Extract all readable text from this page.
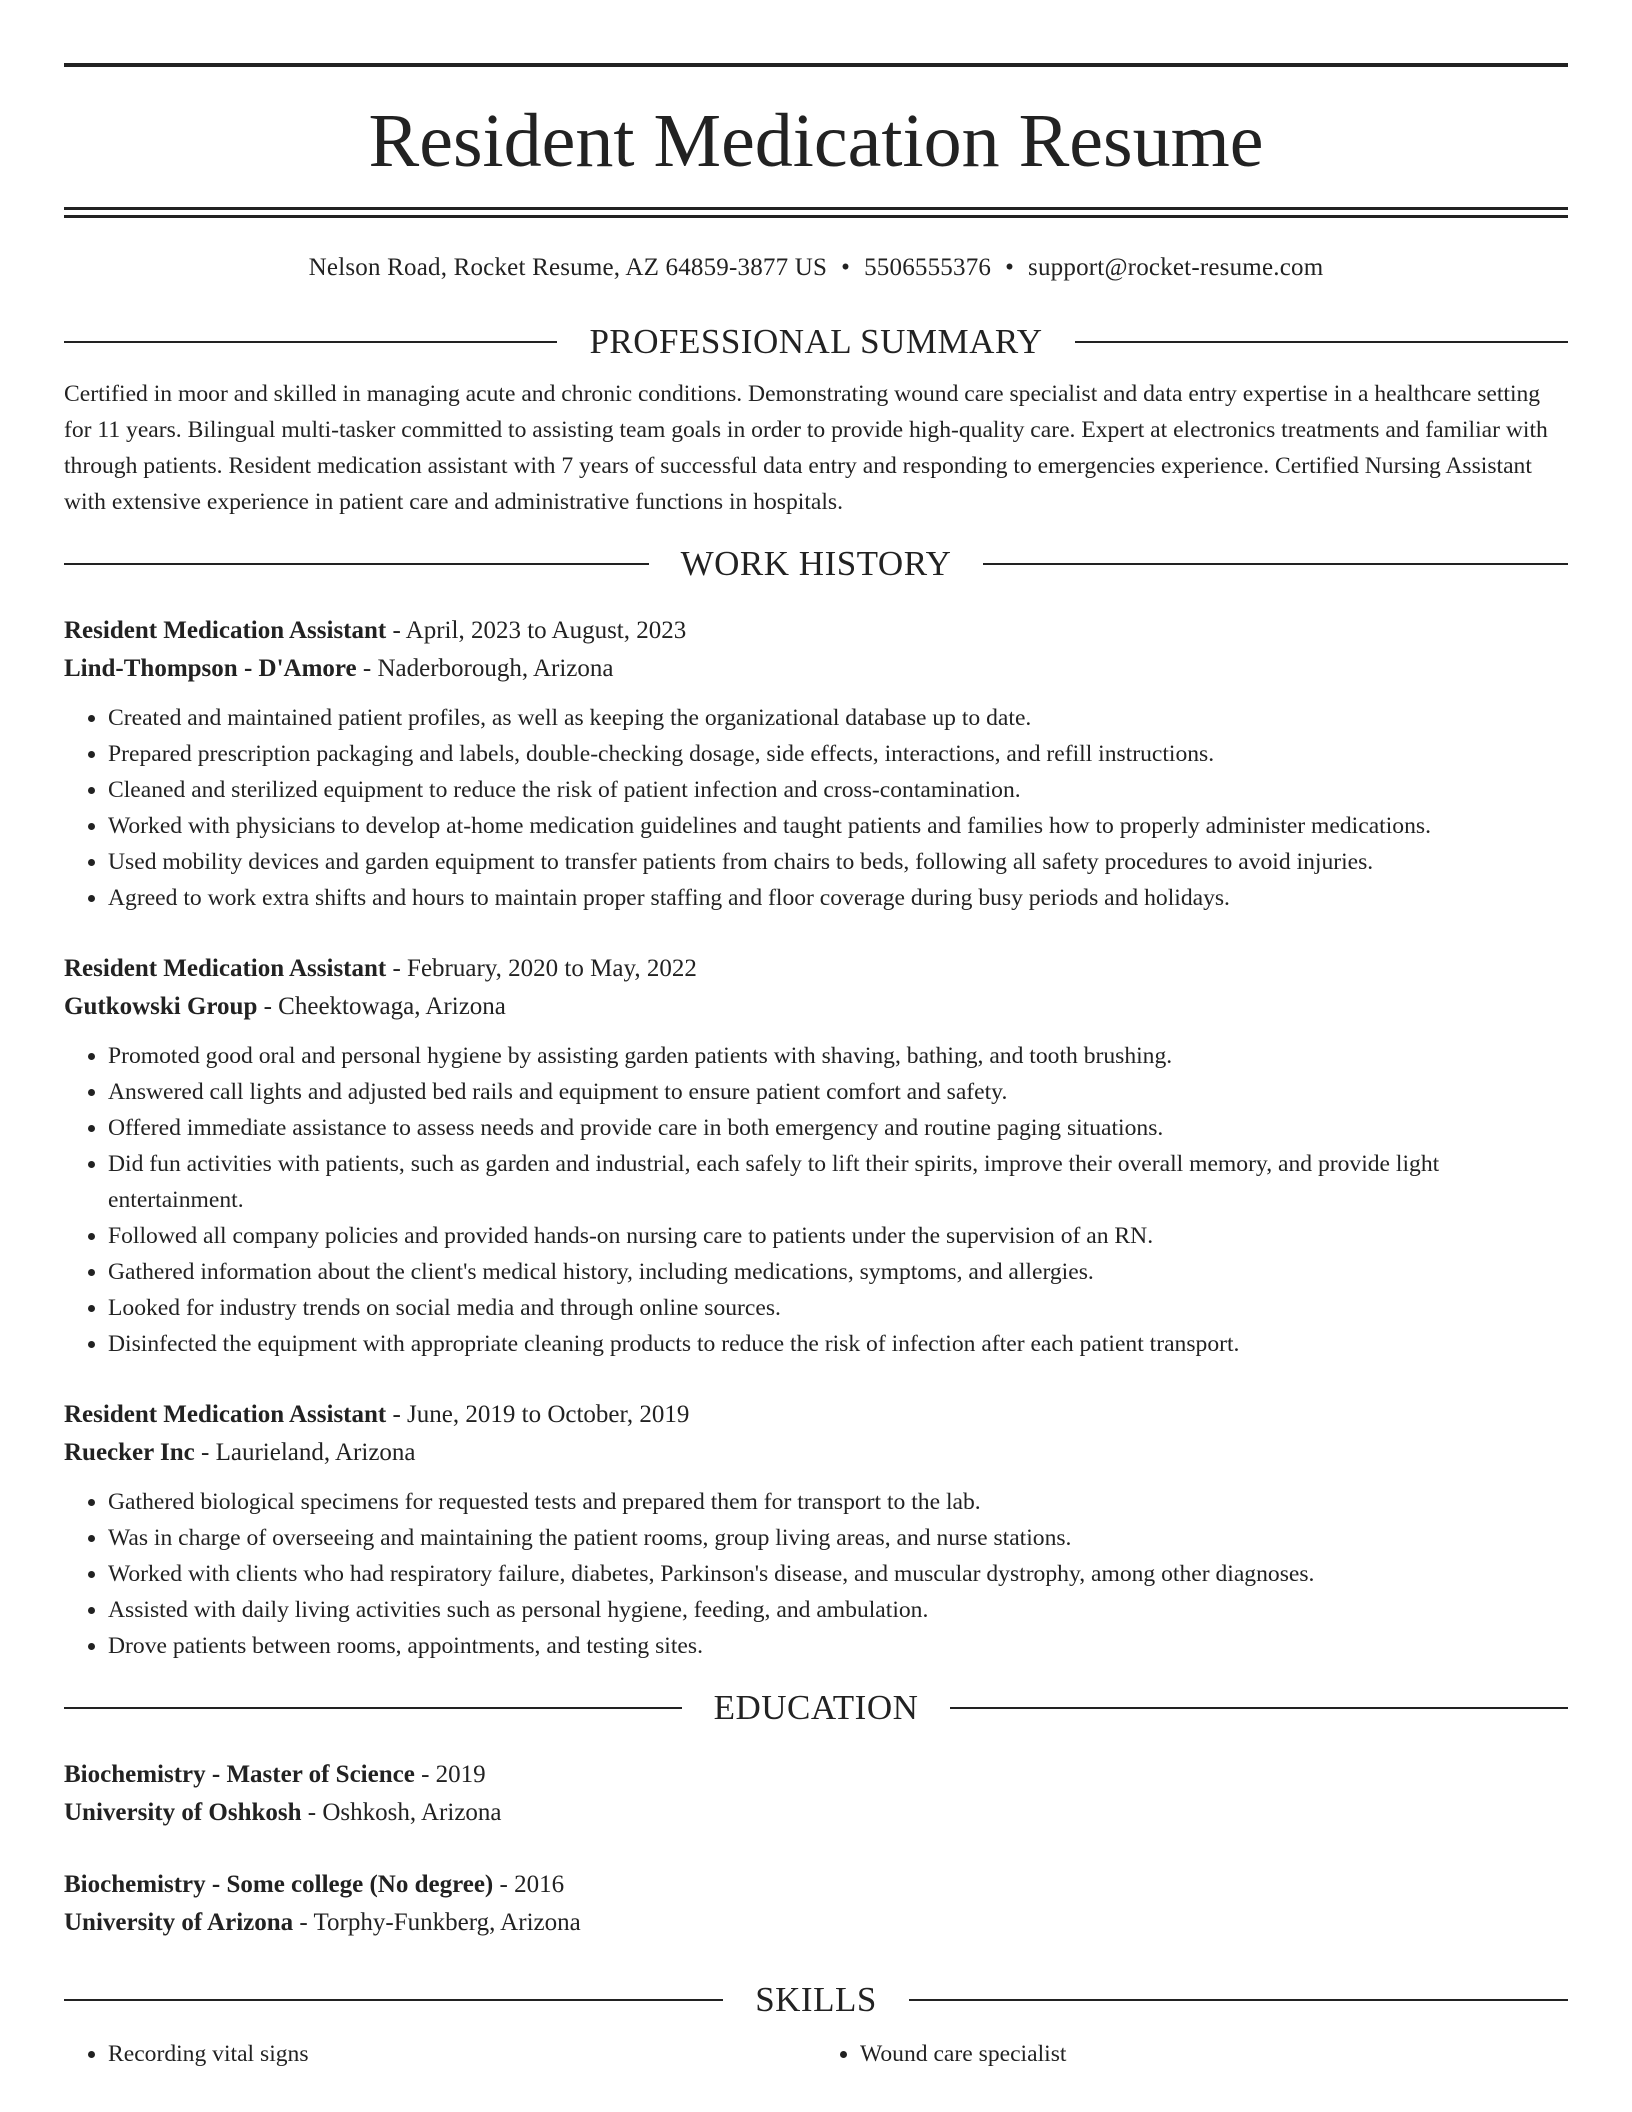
Resident Medication Resume
Nelson Road, Rocket Resume, AZ 64859-3877 US • 5506555376 • support@rocket-resume.com
PROFESSIONAL SUMMARY
Certified in moor and skilled in managing acute and chronic conditions. Demonstrating wound care specialist and data entry expertise in a healthcare setting for 11 years. Bilingual multi-tasker committed to assisting team goals in order to provide high-quality care. Expert at electronics treatments and familiar with through patients. Resident medication assistant with 7 years of successful data entry and responding to emergencies experience. Certified Nursing Assistant with extensive experience in patient care and administrative functions in hospitals.
WORK HISTORY
Resident Medication Assistant - April, 2023 to August, 2023
Lind-Thompson - D'Amore - Naderborough, Arizona
• Created and maintained patient profiles, as well as keeping the organizational database up to date.
• Prepared prescription packaging and labels, double-checking dosage, side effects, interactions, and refill instructions.
• Cleaned and sterilized equipment to reduce the risk of patient infection and cross-contamination.
• Worked with physicians to develop at-home medication guidelines and taught patients and families how to properly administer medications.
• Used mobility devices and garden equipment to transfer patients from chairs to beds, following all safety procedures to avoid injuries.
• Agreed to work extra shifts and hours to maintain proper staffing and floor coverage during busy periods and holidays.
Resident Medication Assistant - February, 2020 to May, 2022
Gutkowski Group - Cheektowaga, Arizona
• Promoted good oral and personal hygiene by assisting garden patients with shaving, bathing, and tooth brushing.
• Answered call lights and adjusted bed rails and equipment to ensure patient comfort and safety.
• Offered immediate assistance to assess needs and provide care in both emergency and routine paging situations.
• Did fun activities with patients, such as garden and industrial, each safely to lift their spirits, improve their overall memory, and provide light entertainment.
• Followed all company policies and provided hands-on nursing care to patients under the supervision of an RN.
• Gathered information about the client's medical history, including medications, symptoms, and allergies.
• Looked for industry trends on social media and through online sources.
• Disinfected the equipment with appropriate cleaning products to reduce the risk of infection after each patient transport.
Resident Medication Assistant - June, 2019 to October, 2019
Ruecker Inc - Laurieland, Arizona
• Gathered biological specimens for requested tests and prepared them for transport to the lab.
• Was in charge of overseeing and maintaining the patient rooms, group living areas, and nurse stations.
• Worked with clients who had respiratory failure, diabetes, Parkinson's disease, and muscular dystrophy, among other diagnoses.
• Assisted with daily living activities such as personal hygiene, feeding, and ambulation.
• Drove patients between rooms, appointments, and testing sites.
EDUCATION
Biochemistry - Master of Science - 2019
University of Oshkosh - Oshkosh, Arizona
Biochemistry - Some college (No degree) - 2016
University of Arizona - Torphy-Funkberg, Arizona
SKILLS
• Recording vital signs
•	Wound care specialist
